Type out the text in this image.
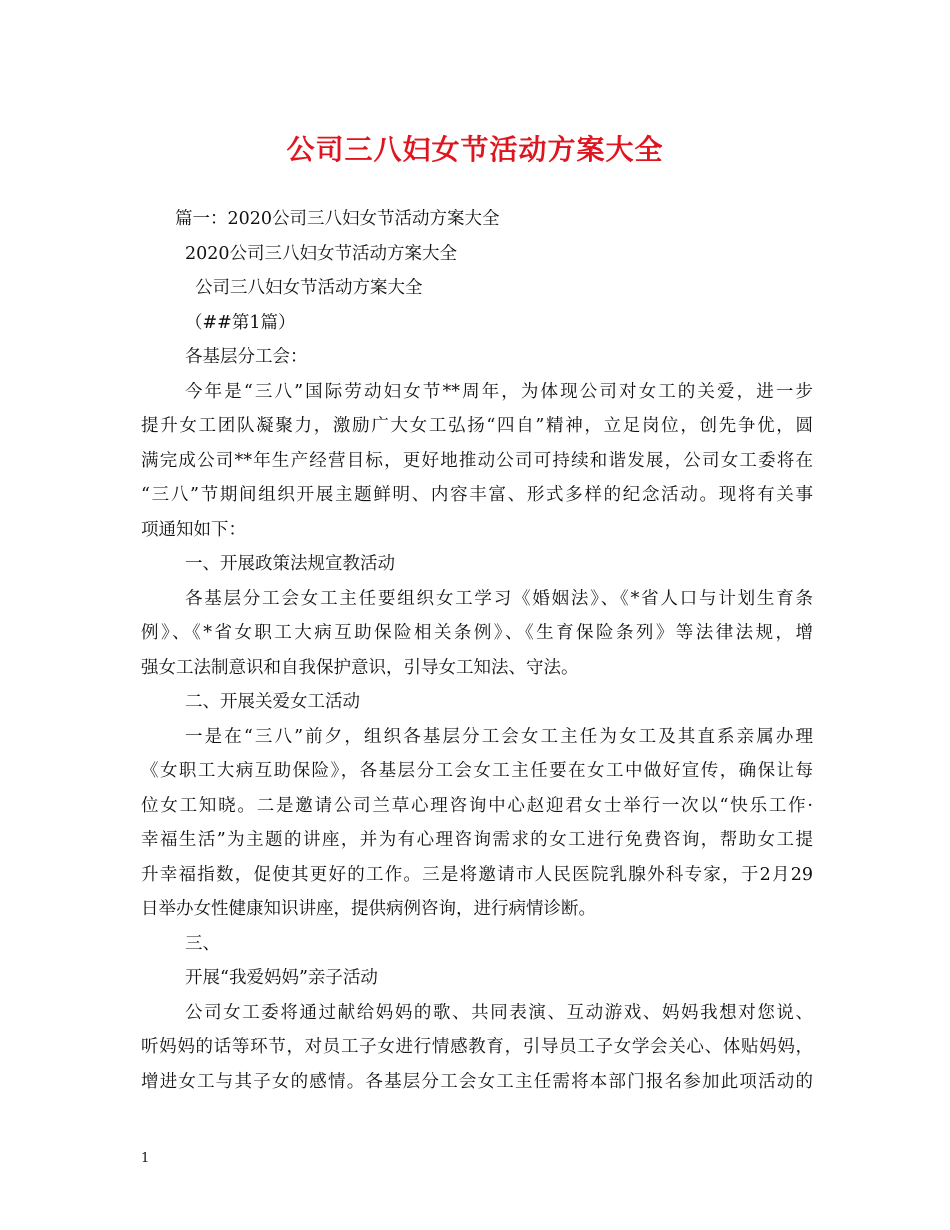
公司三八妇女节活动方案大全
篇一：2020公司三八妇女节活动方案大全
2020公司三八妇女节活动方案大全
公司三八妇女节活动方案大全
（##第1篇）
各基层分工会：
今年是“三八”国际劳动妇女节**周年，为体现公司对女工的关爱，进一步
提升女工团队凝聚力，激励广大女工弘扬“四自”精神，立足岗位，创先争优，圆
满完成公司**年生产经营目标，更好地推动公司可持续和谐发展，公司女工委将在
“三八”节期间组织开展主题鲜明、内容丰富、形式多样的纪念活动。现将有关事
项通知如下：
一、开展政策法规宣教活动
各基层分工会女工主任要组织女工学习《婚姻法》、《*省人口与计划生育条
例》、《*省女职工大病互助保险相关条例》、《生育保险条列》等法律法规，增
强女工法制意识和自我保护意识，引导女工知法、守法。
二、开展关爱女工活动
一是在“三八”前夕，组织各基层分工会女工主任为女工及其直系亲属办理
《女职工大病互助保险》，各基层分工会女工主任要在女工中做好宣传，确保让每
位女工知晓。二是邀请公司兰草心理咨询中心赵迎君女士举行一次以“快乐工作·
幸福生活”为主题的讲座，并为有心理咨询需求的女工进行免费咨询，帮助女工提
升幸福指数，促使其更好的工作。三是将邀请市人民医院乳腺外科专家，于2月29
日举办女性健康知识讲座，提供病例咨询，进行病情诊断。
三、
开展“我爱妈妈”亲子活动
公司女工委将通过献给妈妈的歌、共同表演、互动游戏、妈妈我想对您说、
听妈妈的话等环节，对员工子女进行情感教育，引导员工子女学会关心、体贴妈妈，
增进女工与其子女的感情。各基层分工会女工主任需将本部门报名参加此项活动的
1
